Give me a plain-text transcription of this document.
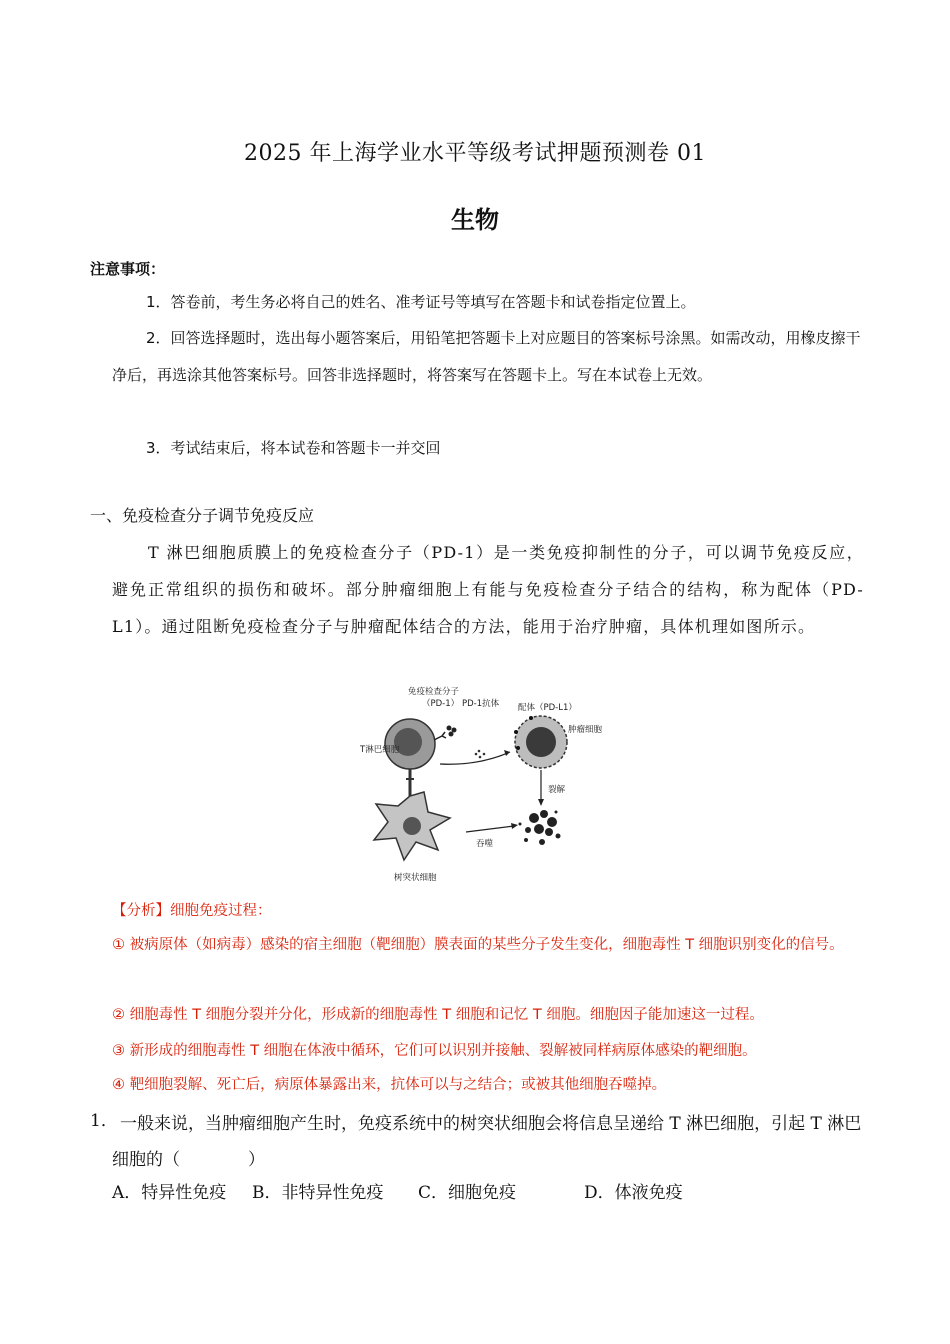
2025 年上海学业水平等级考试押题预测卷 01
生物
注意事项：
1．答卷前，考生务必将自己的姓名、准考证号等填写在答题卡和试卷指定位置上。
2．回答选择题时，选出每小题答案后，用铅笔把答题卡上对应题目的答案标号涂黑。如需改动，用橡皮擦干净后，再选涂其他答案标号。回答非选择题时，将答案写在答题卡上。写在本试卷上无效。
3．考试结束后，将本试卷和答题卡一并交回
一、免疫检查分子调节免疫反应
T 淋巴细胞质膜上的免疫检查分子（PD-1）是一类免疫抑制性的分子，可以调节免疫反应，避免正常组织的损伤和破坏。部分肿瘤细胞上有能与免疫检查分子结合的结构，称为配体（PD-L1）。通过阻断免疫检查分子与肿瘤配体结合的方法，能用于治疗肿瘤，具体机理如图所示。
免疫检查分子
（PD-1） PD-1抗体 配体（PD-L1）
肿瘤细胞
T淋巴细胞
裂解
吞噬
树突状细胞
【分析】细胞免疫过程：
① 被病原体（如病毒）感染的宿主细胞（靶细胞）膜表面的某些分子发生变化，细胞毒性 T 细胞识别变化的信号。
② 细胞毒性 T 细胞分裂并分化，形成新的细胞毒性 T 细胞和记忆 T 细胞。细胞因子能加速这一过程。
③ 新形成的细胞毒性 T 细胞在体液中循环，它们可以识别并接触、裂解被同样病原体感染的靶细胞。
④ 靶细胞裂解、死亡后，病原体暴露出来，抗体可以与之结合；或被其他细胞吞噬掉。
1． 一般来说，当肿瘤细胞产生时，免疫系统中的树突状细胞会将信息呈递给 T 淋巴细胞，引起 T 淋巴细胞的（　　　　）
A．特异性免疫 B．非特异性免疫 C．细胞免疫	D．体液免疫
